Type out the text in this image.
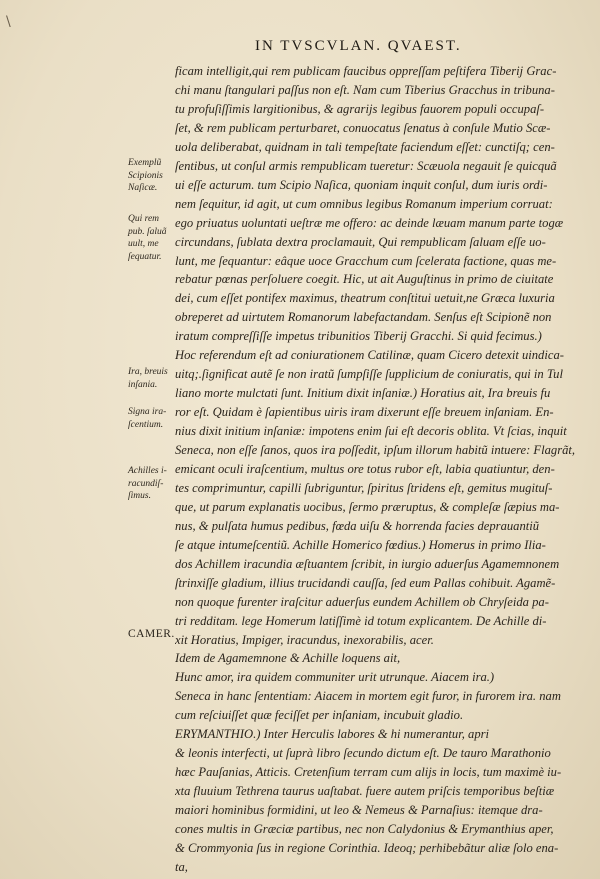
\
IN TVSCVLAN. QVAEST.
ficam intelligit,qui rem publicam faucibus oppreſſam peſtifera Tiberij Grac-
chi manu ſtangulari paſſus non eſt. Nam cum Tiberius Gracchus in tribuna-
tu profuſiſſimis largitionibus, & agrarijs legibus fauorem populi occupaſ-
ſet, & rem publicam perturbaret, conuocatus ſenatus à conſule Mutio Scæ-
uola deliberabat, quidnam in tali tempeſtate faciendum eſſet: cunctiſq; cen-
ſentibus, ut conſul armis rempublicam tueretur: Scæuola negauit ſe quicquã
ui eſſe acturum. tum Scipio Naſica, quoniam inquit conſul, dum iuris ordi-
nem ſequitur, id agit, ut cum omnibus legibus Romanum imperium corruat:
ego priuatus uoluntati ueſtræ me offero: ac deinde læuam manum parte togæ
circundans, ſublata dextra proclamauit, Qui rempublicam ſaluam eſſe uo-
lunt, me ſequantur: eâque uoce Gracchum cum ſcelerata factione, quas me-
rebatur pœnas perſoluere coegit. Hic, ut ait Auguſtinus in primo de ciuitate
dei, cum eſſet pontifex maximus, theatrum conſtitui uetuit,ne Græca luxuria
obreperet ad uirtutem Romanorum labefactandam. Senſus eſt Scipionẽ non
iratum compreſſiſſe impetus tribunitios Tiberij Gracchi. Si quid fecimus.)
Hoc referendum eſt ad coniurationem Catilinæ, quam Cicero detexit uindica-
uitq;.ſignificat autẽ ſe non iratũ ſumpſiſſe ſupplicium de coniuratis, qui in Tul
liano morte mulctati ſunt. Initium dixit inſaniæ.) Horatius ait, Ira breuis fu
ror eſt. Quidam è ſapientibus uiris iram dixerunt eſſe breuem inſaniam. En-
nius dixit initium inſaniæ: impotens enim ſui eſt decoris oblita. Vt ſcias, inquit
Seneca, non eſſe ſanos, quos ira poſſedit, ipſum illorum habitũ intuere: Flagrãt,
emicant oculi iraſcentium, multus ore totus rubor eſt, labia quatiuntur, den-
tes comprimuntur, capilli ſubriguntur, ſpiritus ſtridens eſt, gemitus mugituſ-
que, ut parum explanatis uocibus, ſermo præruptus, & compleſæ ſæpius ma-
nus, & pulſata humus pedibus, fœda uiſu & horrenda facies deprauantiũ
ſe atque intumeſcentiũ. Achille Homerico fœdius.) Homerus in primo Ilia-
dos Achillem iracundia æſtuantem ſcribit, in iurgio aduerſus Agamemnonem
ſtrinxiſſe gladium, illius trucidandi cauſſa, ſed eum Pallas cohibuit. Agamẽ-
non quoque furenter iraſcitur aduerſus eundem Achillem ob Chryſeida pa-
tri redditam. lege Homerum latiſſimè id totum explicantem. De Achille di-
xit Horatius, Impiger, iracundus, inexorabilis, acer.
Idem de Agamemnone & Achille loquens ait,
Hunc amor, ira quidem communiter urit utrunque. Aiacem ira.)
Seneca in hanc ſententiam: Aiacem in mortem egit furor, in furorem ira. nam
cum reſciuiſſet quæ feciſſet per inſaniam, incubuit gladio.
ERYMANTHIO.) Inter Herculis labores & hi numerantur, apri
& leonis interfecti, ut ſuprà libro ſecundo dictum eſt. De tauro Marathonio
hæc Pauſanias, Atticis. Cretenſium terram cum alijs in locis, tum maximè iu-
xta fluuium Tethrena taurus uaſtabat. fuere autem priſcis temporibus beſtiæ
maiori hominibus formidini, ut leo & Nemeus & Parnaſius: itemque dra-
cones multis in Græciæ partibus, nec non Calydonius & Erymanthius aper,
& Crommyonia ſus in regione Corinthia. Ideoq; perhibebãtur aliæ ſolo ena-
ta,
Exemplũ
Scipionis
Naſicæ.
Qui rem
pub. ſaluã
uult, me
ſequatur.
Ira, breuis
inſania.
Signa ira-
ſcentium.
Achilles i-
racundiſ-
ſimus.
CAMER.
